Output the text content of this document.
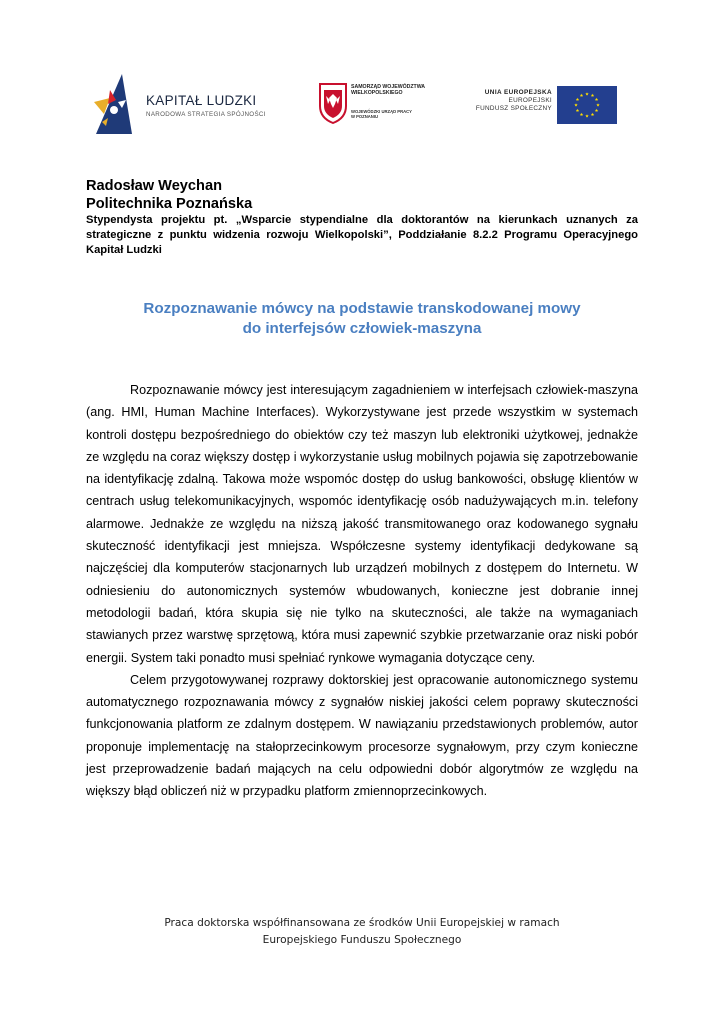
KAPITAŁ LUDZKI
NARODOWA STRATEGIA SPÓJNOŚCI
SAMORZĄD WOJEWÓDZTWA
WIELKOPOLSKIEGO
WOJEWÓDZKI URZĄD PRACY
W POZNANIU
UNIA EUROPEJSKA
EUROPEJSKI
FUNDUSZ SPOŁECZNY
Radosław Weychan
Politechnika Poznańska
Stypendysta projektu pt. „Wsparcie stypendialne dla doktorantów na kierunkach uznanych za strategiczne z punktu widzenia rozwoju Wielkopolski”, Poddziałanie 8.2.2 Programu Operacyjnego Kapitał Ludzki
Rozpoznawanie mówcy na podstawie transkodowanej mowy
do interfejsów człowiek-maszyna

Rozpoznawanie mówcy jest interesującym zagadnieniem w interfejsach człowiek-maszyna (ang. HMI, Human Machine Interfaces). Wykorzystywane jest przede wszystkim w systemach kontroli dostępu bezpośredniego do obiektów czy też maszyn lub elektroniki użytkowej, jednakże ze względu na coraz większy dostęp i wykorzystanie usług mobilnych pojawia się zapotrzebowanie na identyfikację zdalną. Takowa może wspomóc dostęp do usług bankowości, obsługę klientów w centrach usług telekomunikacyjnych, wspomóc identyfikację osób nadużywających m.in. telefony alarmowe. Jednakże ze względu na niższą jakość transmitowanego oraz kodowanego sygnału skuteczność identyfikacji jest mniejsza. Współczesne systemy identyfikacji dedykowane są najczęściej dla komputerów stacjonarnych lub urządzeń mobilnych z dostępem do Internetu. W odniesieniu do autonomicznych systemów wbudowanych, konieczne jest dobranie innej metodologii badań, która skupia się nie tylko na skuteczności, ale także na wymaganiach stawianych przez warstwę sprzętową, która musi zapewnić szybkie przetwarzanie oraz niski pobór energii. System taki ponadto musi spełniać rynkowe wymagania dotyczące ceny.

Celem przygotowywanej rozprawy doktorskiej jest opracowanie autonomicznego systemu automatycznego rozpoznawania mówcy z sygnałów niskiej jakości celem poprawy skuteczności funkcjonowania platform ze zdalnym dostępem. W nawiązaniu przedstawionych problemów, autor proponuje implementację na stałoprzecinkowym procesorze sygnałowym, przy czym konieczne jest przeprowadzenie badań mających na celu odpowiedni dobór algorytmów ze względu na większy błąd obliczeń niż w przypadku platform zmiennoprzecinkowych.

Praca doktorska współfinansowana ze środków Unii Europejskiej w ramach
Europejskiego Funduszu Społecznego
